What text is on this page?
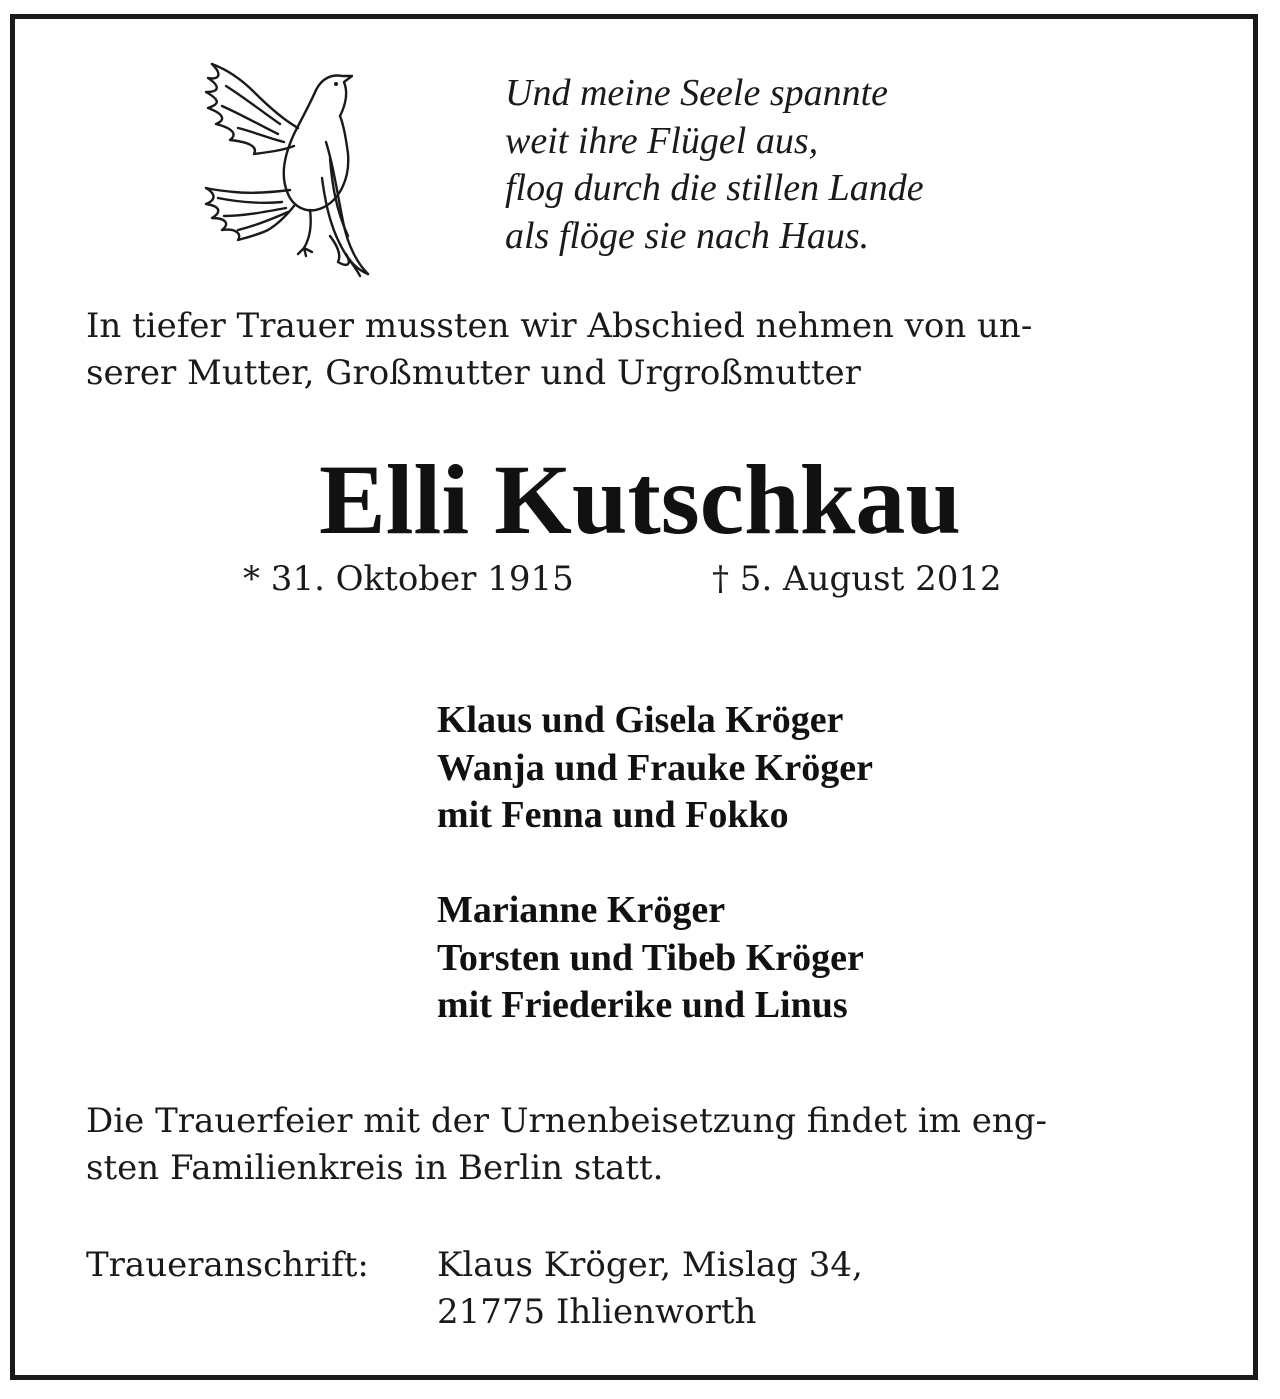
Und meine Seele spannte
weit ihre Flügel aus,
flog durch die stillen Lande
als flöge sie nach Haus.
In tiefer Trauer mussten wir Abschied nehmen von un-
serer Mutter, Großmutter und Urgroßmutter
Elli Kutschkau
* 31. Oktober 1915	† 5. August 2012
Klaus und Gisela Kröger
Wanja und Frauke Kröger
mit Fenna und Fokko
Marianne Kröger
Torsten und Tibeb Kröger
mit Friederike und Linus
Die Trauerfeier mit der Urnenbeisetzung findet im eng-
sten Familienkreis in Berlin statt.
Traueranschrift: Klaus Kröger, Mislag 34,
21775 Ihlienworth
